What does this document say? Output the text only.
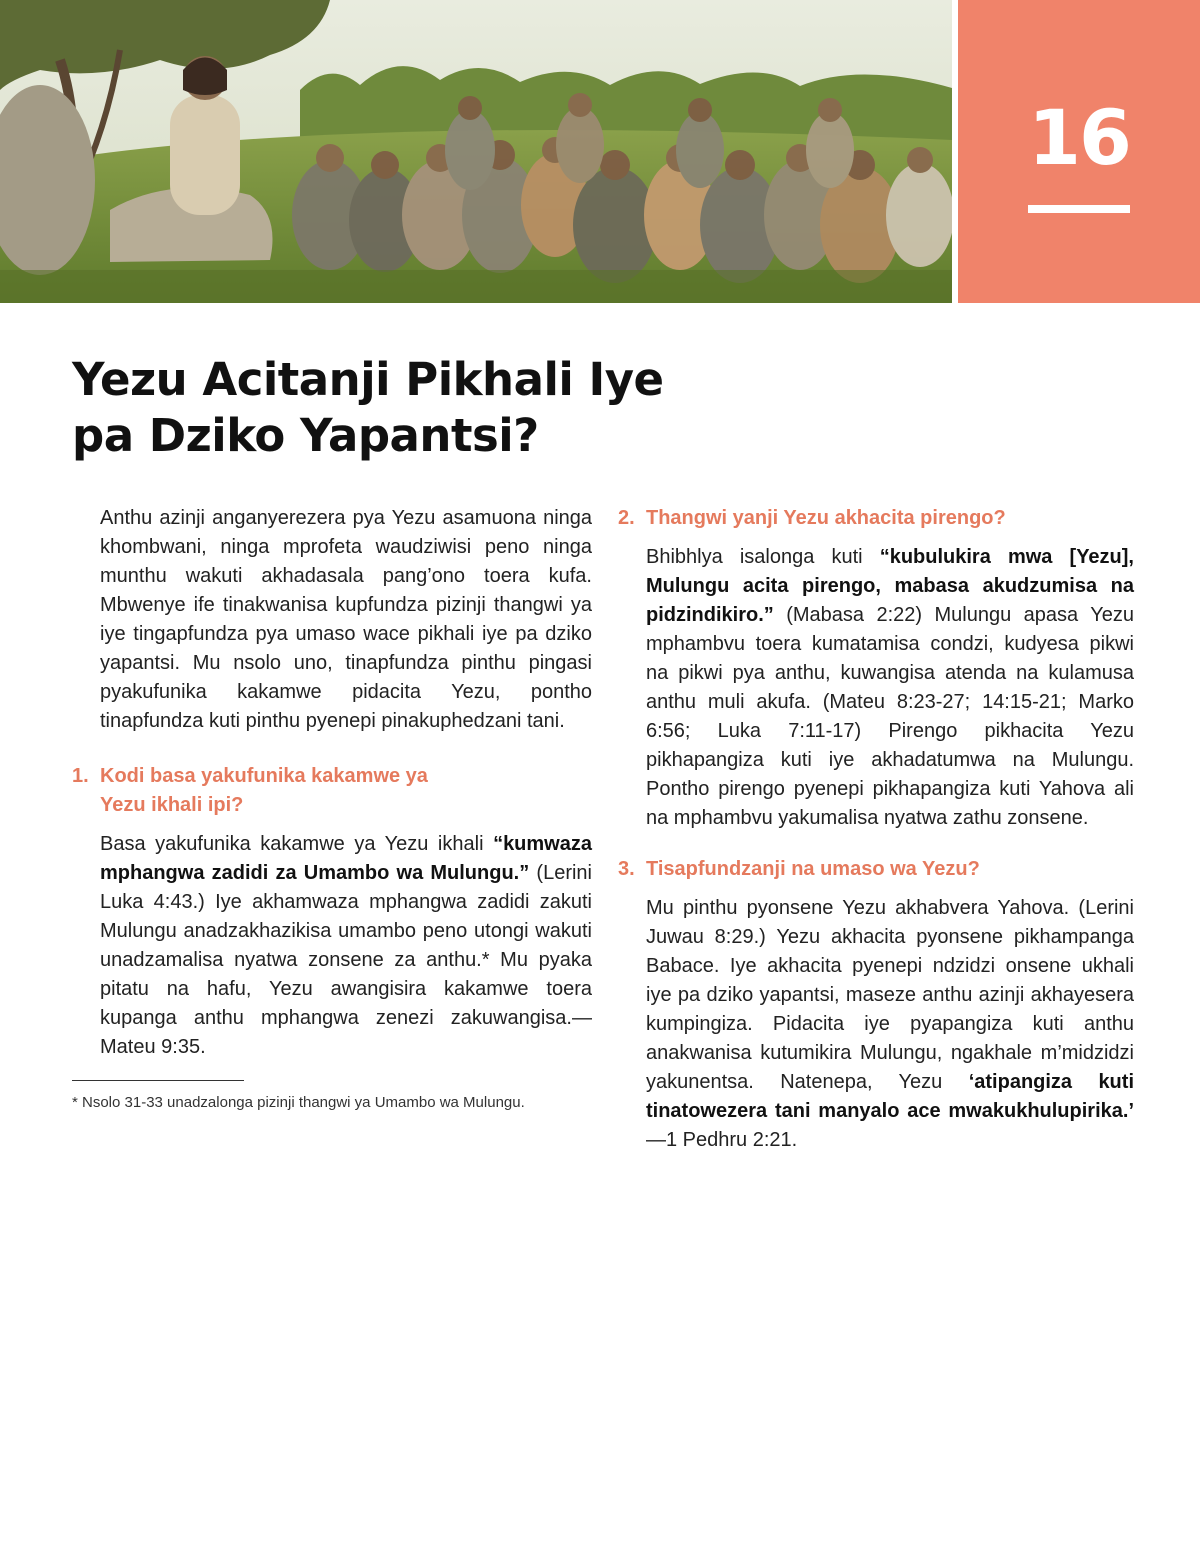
16
Yezu Acitanji Pikhali Iye
pa Dziko Yapantsi?

Anthu azinji anganyerezera pya Yezu asamuona ninga khombwani, ninga mprofeta waudziwisi peno ninga munthu wakuti akhadasala pang’ono toera kufa. Mbwenye ife tinakwanisa kupfundza pizinji thangwi ya iye tingapfundza pya umaso wace pikhali iye pa dziko yapantsi. Mu nsolo uno, tinapfundza pinthu pingasi pyakufunika kakamwe pidacita Yezu, pontho tinapfundza kuti pinthu pyenepi pinakuphedzani tani.

1. Kodi basa yakufunika kakamwe ya Yezu ikhali ipi?

Basa yakufunika kakamwe ya Yezu ikhali “kumwaza mphangwa zadidi za Umambo wa Mulungu.” (Lerini Luka 4:43.) Iye akhamwaza mphangwa zadidi zakuti Mulungu anadzakhazikisa umambo peno utongi wakuti unadzamalisa nyatwa zonsene za anthu.* Mu pyaka pitatu na hafu, Yezu awangisira kakamwe toera kupanga anthu mphangwa zenezi zakuwangisa.—Mateu 9:35.

* Nsolo 31-33 unadzalonga pizinji thangwi ya Umambo wa Mulungu.

2. Thangwi yanji Yezu akhacita pirengo?

Bhibhlya isalonga kuti “kubulukira mwa [Yezu], Mulungu acita pirengo, mabasa akudzumisa na pidzindikiro.” (Mabasa 2:22) Mulungu apasa Yezu mphambvu toera kumatamisa condzi, kudyesa pikwi na pikwi pya anthu, kuwangisa atenda na kulamusa anthu muli akufa. (Mateu 8:23-27; 14:15-21; Marko 6:56; Luka 7:11-17) Pirengo pikhacita Yezu pikhapangiza kuti iye akhadatumwa na Mulungu. Pontho pirengo pyenepi pikhapangiza kuti Yahova ali na mphambvu yakumalisa nyatwa zathu zonsene.

3. Tisapfundzanji na umaso wa Yezu?

Mu pinthu pyonsene Yezu akhabvera Yahova. (Lerini Juwau 8:29.) Yezu akhacita pyonsene pikhampanga Babace. Iye akhacita pyenepi ndzidzi onsene ukhali iye pa dziko yapantsi, maseze anthu azinji akhayesera kumpingiza. Pidacita iye pyapangiza kuti anthu anakwanisa kutumikira Mulungu, ngakhale m’midzidzi yakunentsa. Natenepa, Yezu ‘atipangiza kuti tinatowezera tani manyalo ace mwakukhulupirika.’ —1 Pedhru 2:21.
